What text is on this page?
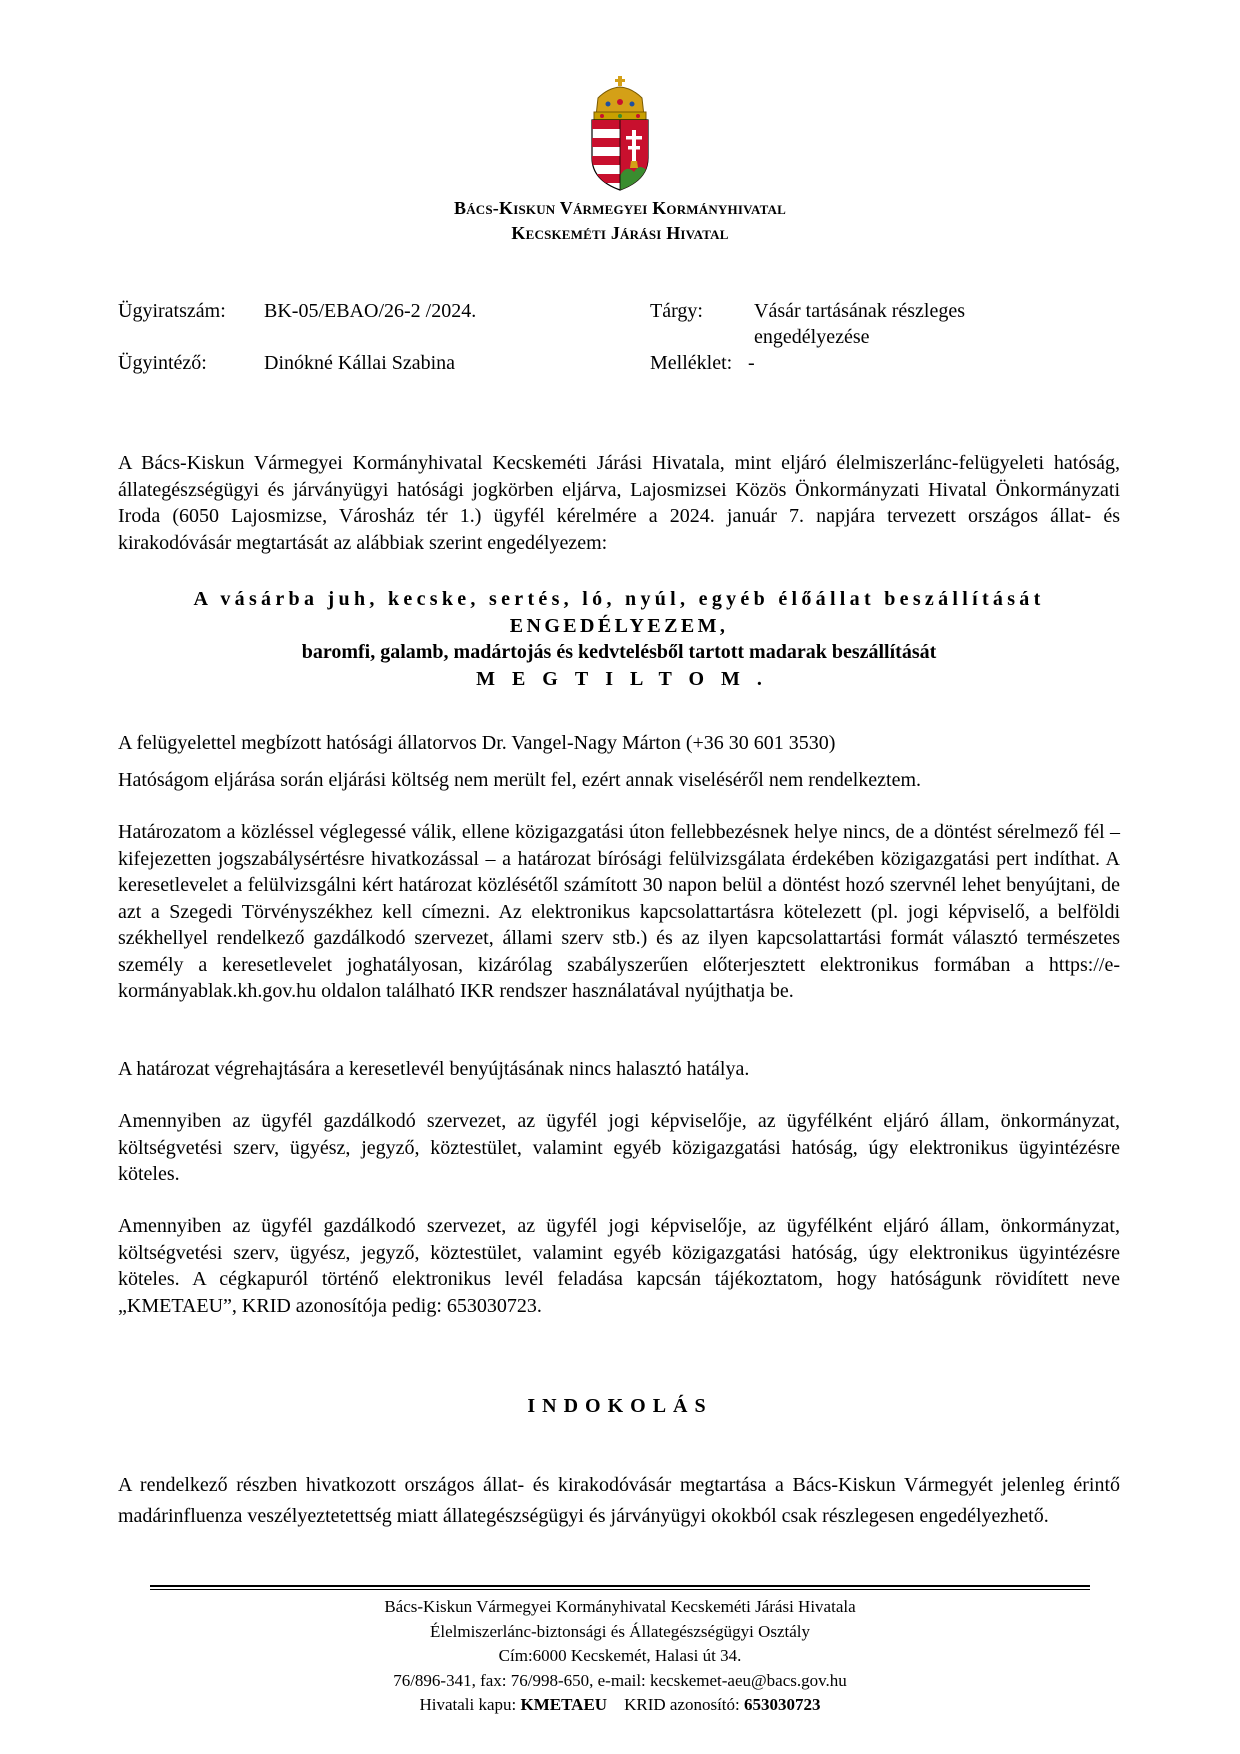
Bács-Kiskun Vármegyei Kormányhivatal
Kecskeméti Járási Hivatal
Ügyiratszám:	BK-05/EBAO/26-2 /2024.	Tárgy:	Vásár tartásának részleges
engedélyezése
Ügyintéző:	Dinókné Kállai Szabina	Melléklet: -
A Bács-Kiskun Vármegyei Kormányhivatal Kecskeméti Járási Hivatala, mint eljáró élelmiszerlánc-felügyeleti hatóság, állategészségügyi és járványügyi hatósági jogkörben eljárva, Lajosmizsei Közös Önkormányzati Hivatal Önkormányzati Iroda (6050 Lajosmizse, Városház tér 1.) ügyfél kérelmére a 2024. január 7. napjára tervezett országos állat- és kirakodóvásár megtartását az alábbiak szerint engedélyezem:
A vásárba juh, kecske, sertés, ló, nyúl, egyéb élőállat beszállítását
ENGEDÉLYEZEM,
baromfi, galamb, madártojás és kedvtelésből tartott madarak beszállítását
MEGTILTOM.
A felügyelettel megbízott hatósági állatorvos Dr. Vangel-Nagy Márton (+36 30 601 3530)
Hatóságom eljárása során eljárási költség nem merült fel, ezért annak viseléséről nem rendelkeztem.
Határozatom a közléssel véglegessé válik, ellene közigazgatási úton fellebbezésnek helye nincs, de a döntést sérelmező fél – kifejezetten jogszabálysértésre hivatkozással – a határozat bírósági felülvizsgálata érdekében közigazgatási pert indíthat. A keresetlevelet a felülvizsgálni kért határozat közlésétől számított 30 napon belül a döntést hozó szervnél lehet benyújtani, de azt a Szegedi Törvényszékhez kell címezni. Az elektronikus kapcsolattartásra kötelezett (pl. jogi képviselő, a belföldi székhellyel rendelkező gazdálkodó szervezet, állami szerv stb.) és az ilyen kapcsolattartási formát választó természetes személy a keresetlevelet joghatályosan, kizárólag szabályszerűen előterjesztett elektronikus formában a https://e-kormányablak.kh.gov.hu oldalon található IKR rendszer használatával nyújthatja be.
A határozat végrehajtására a keresetlevél benyújtásának nincs halasztó hatálya.
Amennyiben az ügyfél gazdálkodó szervezet, az ügyfél jogi képviselője, az ügyfélként eljáró állam, önkormányzat, költségvetési szerv, ügyész, jegyző, köztestület, valamint egyéb közigazgatási hatóság, úgy elektronikus ügyintézésre köteles.
Amennyiben az ügyfél gazdálkodó szervezet, az ügyfél jogi képviselője, az ügyfélként eljáró állam, önkormányzat, költségvetési szerv, ügyész, jegyző, köztestület, valamint egyéb közigazgatási hatóság, úgy elektronikus ügyintézésre köteles. A cégkapuról történő elektronikus levél feladása kapcsán tájékoztatom, hogy hatóságunk rövidített neve „KMETAEU”, KRID azonosítója pedig: 653030723.
INDOKOLÁS
A rendelkező részben hivatkozott országos állat- és kirakodóvásár megtartása a Bács-Kiskun Vármegyét jelenleg érintő madárinfluenza veszélyeztetettség miatt állategészségügyi és járványügyi okokból csak részlegesen engedélyezhető.
Bács-Kiskun Vármegyei Kormányhivatal Kecskeméti Járási Hivatala
Élelmiszerlánc-biztonsági és Állategészségügyi Osztály
Cím:6000 Kecskemét, Halasi út 34.
76/896-341, fax: 76/998-650, e-mail: kecskemet-aeu@bacs.gov.hu
Hivatali kapu: KMETAEU KRID azonosító: 653030723
